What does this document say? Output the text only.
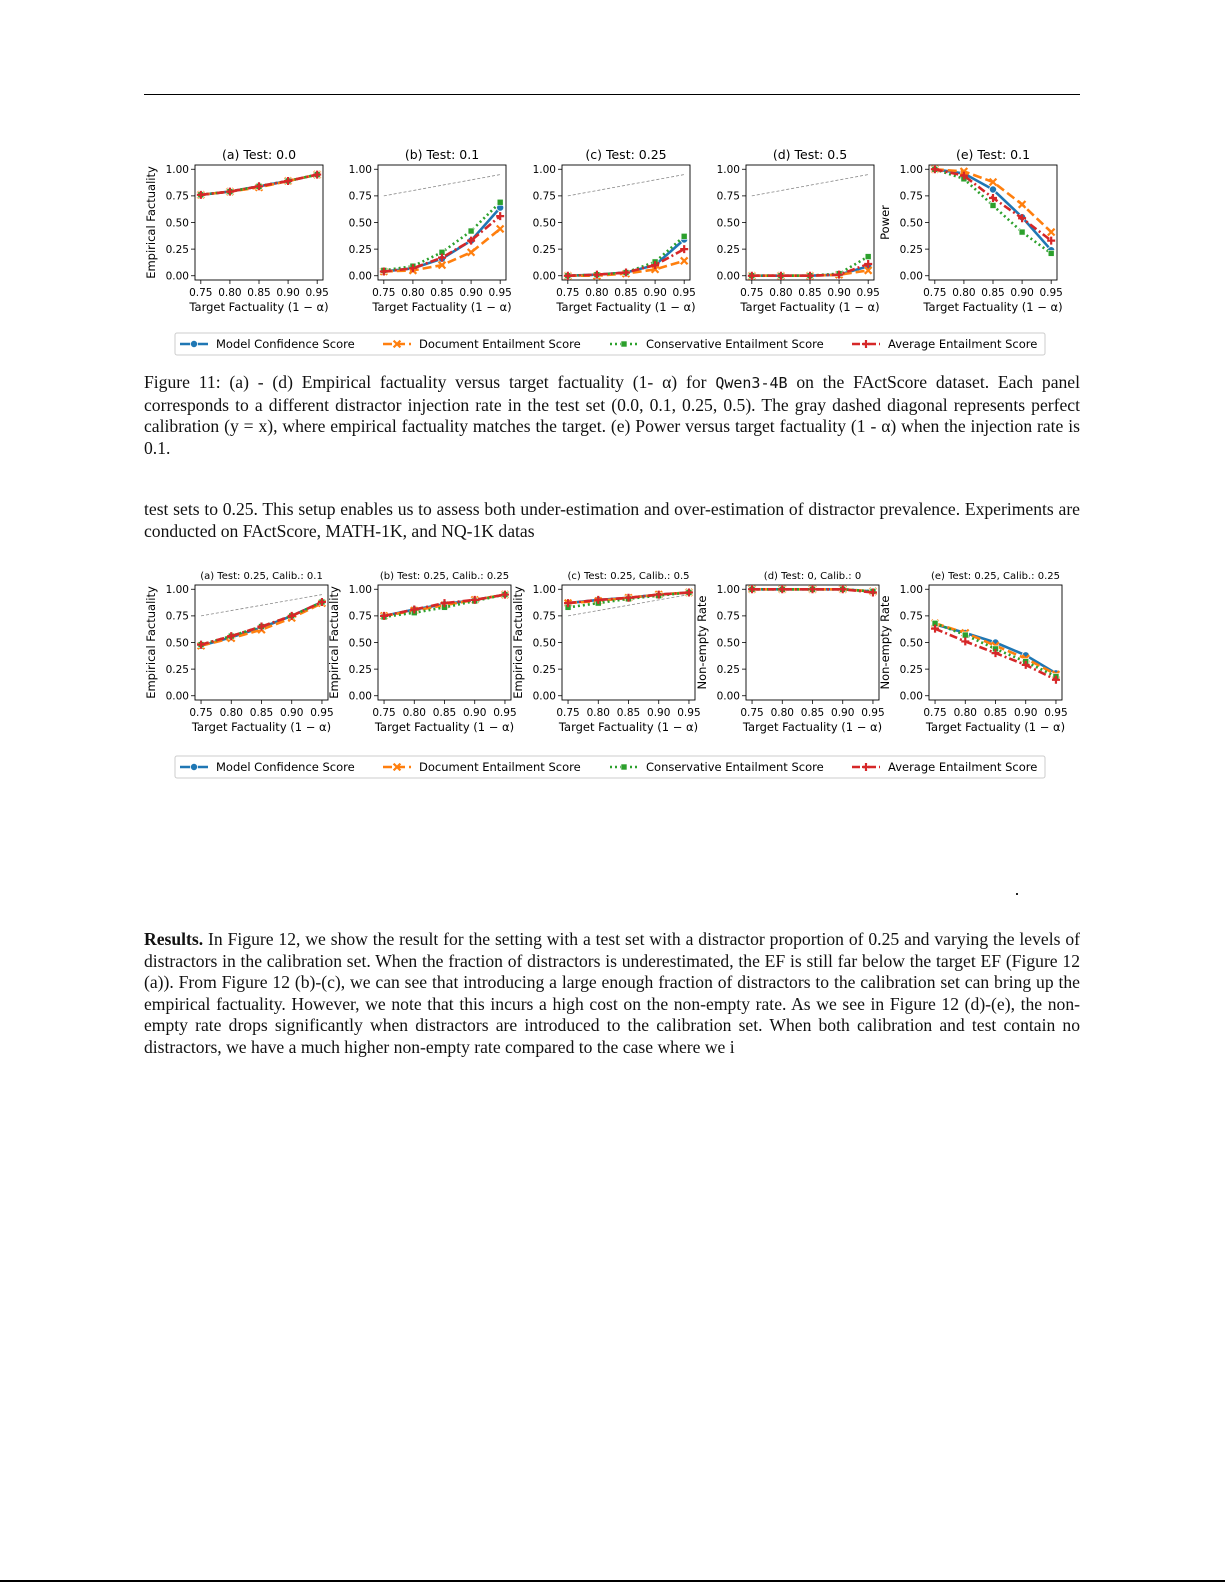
(a) Test: 0.0
0.00
0.25
0.50
0.75
1.00
0.75 0.80 0.85 0.90 0.95
Target Factuality (1 − α)
Empirical Factuality
(b) Test: 0.1
0.00
0.25
0.50
0.75
1.00
0.75 0.80 0.85 0.90 0.95
Target Factuality (1 − α)
(c) Test: 0.25
0.00
0.25
0.50
0.75
1.00
0.75 0.80 0.85 0.90 0.95
Target Factuality (1 − α)
(d) Test: 0.5
0.00
0.25
0.50
0.75
1.00
0.75 0.80 0.85 0.90 0.95
Target Factuality (1 − α)
(e) Test: 0.1
0.00
0.25
0.50
0.75
1.00
0.75 0.80 0.85 0.90 0.95
Target Factuality (1 − α)
Power
Model Confidence Score	Document Entailment Score	Conservative Entailment Score	Average Entailment Score

Figure 11: (a) - (d) Empirical factuality versus target factuality (1- α) for Qwen3-4B on the FActScore dataset. Each panel corresponds to a different distractor injection rate in the test set (0.0, 0.1, 0.25, 0.5). The gray dashed diagonal represents perfect calibration (y = x), where empirical factuality matches the target. (e) Power versus target factuality (1 - α) when the injection rate is 0.1.

test sets to 0.25. This setup enables us to assess both under-estimation and over-estimation of distractor prevalence. Experiments are conducted on FActScore, MATH-1K, and NQ-1K datas

(a) Test: 0.25, Calib.: 0.1
0.00
0.25
0.50
0.75
1.00
0.75 0.80 0.85 0.90 0.95
Target Factuality (1 − α)
Empirical Factuality
(b) Test: 0.25, Calib.: 0.25
0.00
0.25
0.50
0.75
1.00
0.75 0.80 0.85 0.90 0.95
Target Factuality (1 − α)
Empirical Factuality
(c) Test: 0.25, Calib.: 0.5
0.00
0.25
0.50
0.75
1.00
0.75 0.80 0.85 0.90 0.95
Target Factuality (1 − α)
Empirical Factuality
(d) Test: 0, Calib.: 0
0.00
0.25
0.50
0.75
1.00
0.75 0.80 0.85 0.90 0.95
Target Factuality (1 − α)
Non-empty Rate
(e) Test: 0.25, Calib.: 0.25
0.00
0.25
0.50
0.75
1.00
0.75 0.80 0.85 0.90 0.95
Target Factuality (1 − α)
Non-empty Rate
Model Confidence Score	Document Entailment Score	Conservative Entailment Score	Average Entailment Score

Results. In Figure 12, we show the result for the setting with a test set with a distractor proportion of 0.25 and varying the levels of distractors in the calibration set. When the fraction of distractors is underestimated, the EF is still far below the target EF (Figure 12 (a)). From Figure 12 (b)-(c), we can see that introducing a large enough fraction of distractors to the calibration set can bring up the empirical factuality. However, we note that this incurs a high cost on the non-empty rate. As we see in Figure 12 (d)-(e), the non-empty rate drops significantly when distractors are introduced to the calibration set. When both calibration and test contain no distractors, we have a much higher non-empty rate compared to the case where we i
